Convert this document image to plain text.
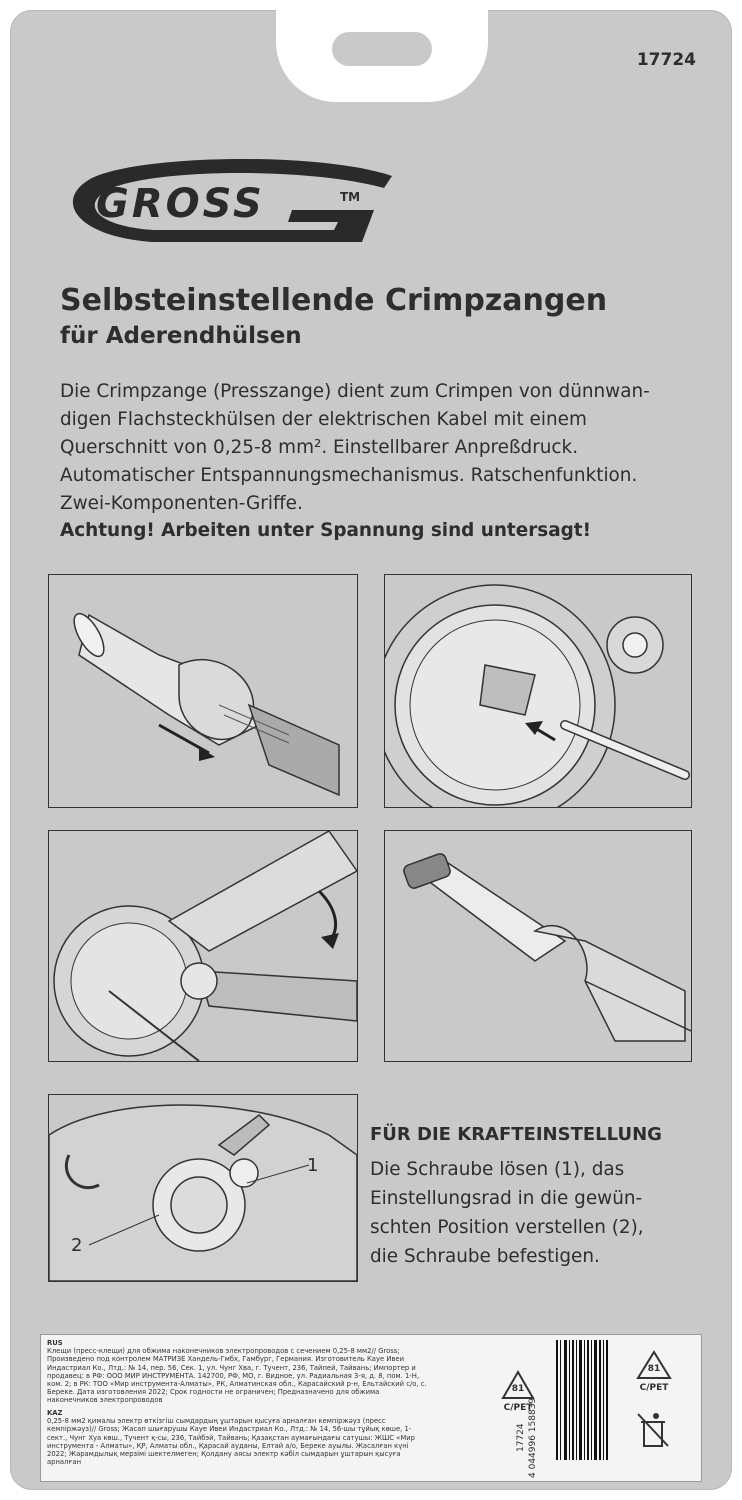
17724
GROSS	TM
Selbsteinstellende Crimpzangen
für Aderendhülsen
Die Crimpzange (Presszange) dient zum Crimpen von dünnwan-
digen Flachsteckhülsen der elektrischen Kabel mit einem
Querschnitt von 0,25-8 mm². Einstellbarer Anpreßdruck.
Automatischer Entspannungsmechanismus. Ratschenfunktion.
Zwei-Komponenten-Griffe.
Achtung! Arbeiten unter Spannung sind untersagt!
1
2
FÜR DIE KRAFTEINSTELLUNG
Die Schraube lösen (1), das
Einstellungsrad in die gewün-
schten Position verstellen (2),
die Schraube befestigen.
RUS
Клещи (пресс-клещи) для обжима наконечников электропроводов с сечением 0,25-8 мм2// Gross; Произведено под контролем МАТРИЗЕ Хандель-Гмбх, Гамбург, Германия. Изготовитель Кауе Ивеи Индастриал Ко., Лтд.: № 14, пер. 56, Сек. 1, ул. Чунг Хва, г. Тучент, 236, Тайпей, Тайвань; Импортер и продавец: в РФ: ООО МИР ИНСТРУМЕНТА. 142700, РФ, МО, г. Видное, ул. Радиальная 3-я, д. 8, пом. 1-Н, ком. 2; в РК: ТОО «Мир инструмента-Алматы», РК, Алматинская обл., Карасайский р-н, Ельтайский с/о, с. Береке. Дата изготовления 2022; Срок годности не ограничен; Предназначено для обжима наконечников электропроводов
KAZ
0,25-8 мм2 қималы электр өткізгіш сымдардың ұштарын қысуға арналған кемпіржәуз (пресс кемпіржәуз)// Gross; Жасап шығарушы Кауе Ивеи Индастриал Ко., Лтд.: № 14, 56-шы тұйық көше, 1-сект., Чунг Хуа көш., Тучент қ-сы, 236, Тайбэй, Тайвань; Қазақстан аумағындағы сатушы: ЖШС «Мир инструмента - Алматы», ҚР, Алматы обл., Қарасай ауданы, Елтай а/о, Береке ауылы. Жасалған күні 2022; Жарамдылық мерзімі шектелмеген; Қолдану аясы электр кәбіл сымдарын ұштарын қысуға арналған
81
C/PET
4 044996 158839
17724
81
C/PET
